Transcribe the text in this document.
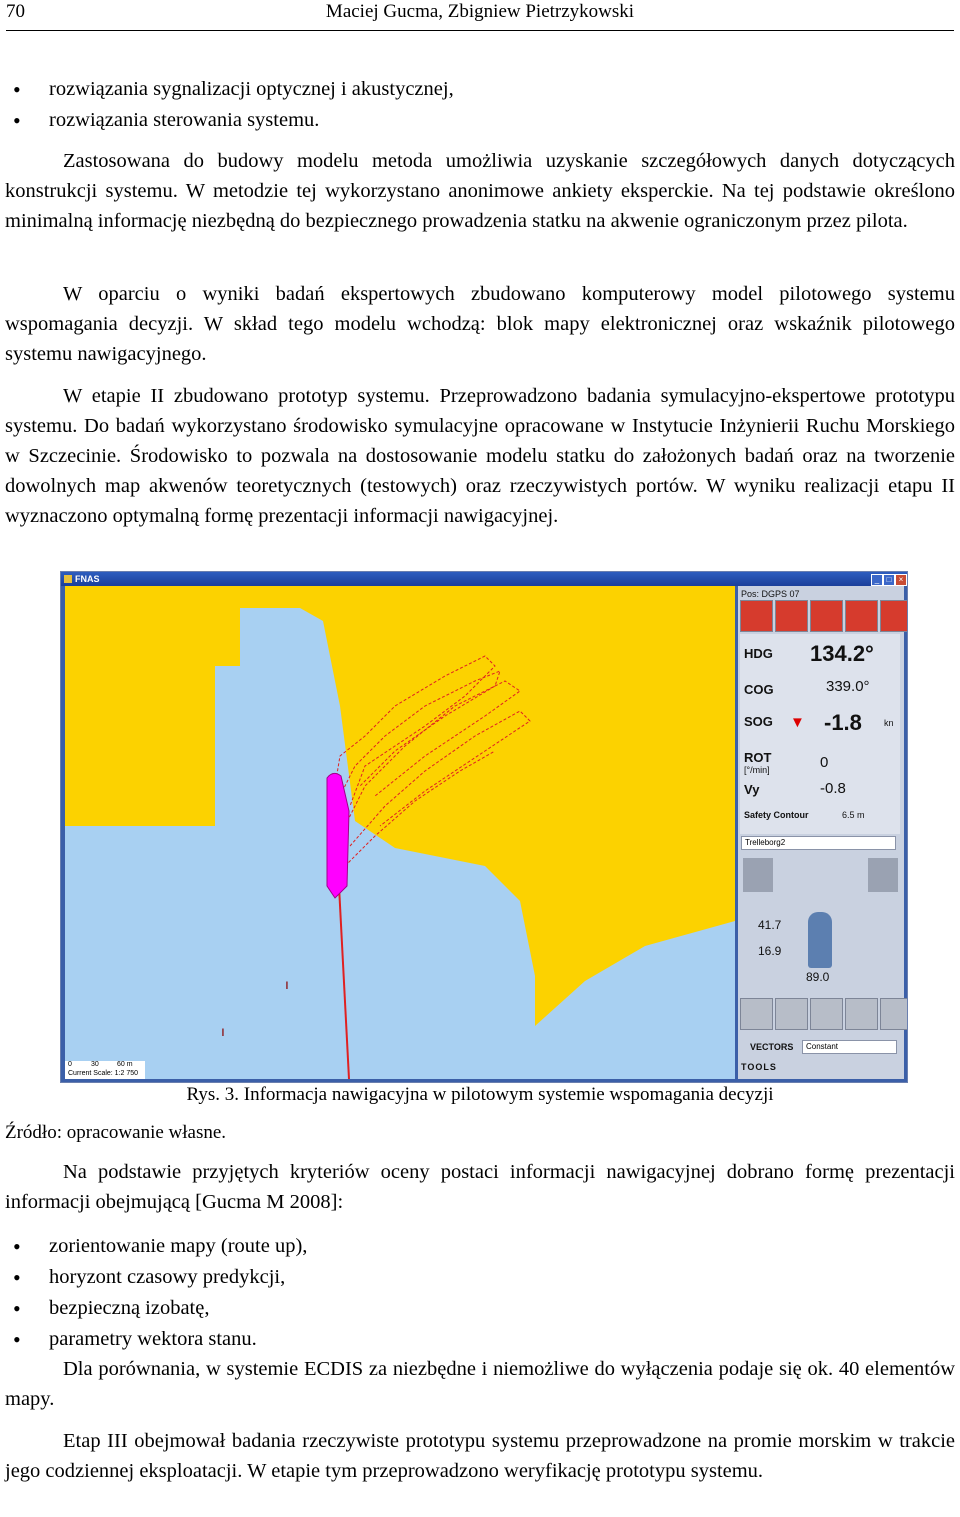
70	Maciej Gucma, Zbigniew Pietrzykowski
• rozwiązania sygnalizacji optycznej i akustycznej,
• rozwiązania sterowania systemu.

Zastosowana do budowy modelu metoda umożliwia uzyskanie szczegółowych danych dotyczących konstrukcji systemu. W metodzie tej wykorzystano anonimowe ankiety eksperckie. Na tej podstawie określono minimalną informację niezbędną do bezpiecznego prowadzenia statku na akwenie ograniczonym przez pilota.

W oparciu o wyniki badań ekspertowych zbudowano komputerowy model pilotowego systemu wspomagania decyzji. W skład tego modelu wchodzą: blok mapy elektronicznej oraz wskaźnik pilotowego systemu nawigacyjnego.

W etapie II zbudowano prototyp systemu. Przeprowadzono badania symulacyjno-ekspertowe prototypu systemu. Do badań wykorzystano środowisko symulacyjne opracowane w Instytucie Inżynierii Ruchu Morskiego w Szczecinie. Środowisko to pozwala na dostosowanie modelu statku do założonych badań oraz na tworzenie dowolnych map akwenów teoretycznych (testowych) oraz rzeczywistych portów. W wyniku realizacji etapu II wyznaczono optymalną formę prezentacji informacji nawigacyjnej.

FNAS	_ □ ×
ı
ı
0	30	60 m
Current Scale: 1:2 750
Pos: DGPS 07
HDG 134.2°
COG	339.0°
SOG ▼ -1.8 kn
ROT
[°/min]	0
Vy	-0.8
Safety Contour	6.5 m
Trelleborg2
41.7
16.9
89.0
VECTORS	Constant
TOOLS
Rys. 3. Informacja nawigacyjna w pilotowym systemie wspomagania decyzji
Źródło: opracowanie własne.

Na podstawie przyjętych kryteriów oceny postaci informacji nawigacyjnej dobrano formę prezentacji informacji obejmującą [Gucma M 2008]:

• zorientowanie mapy (route up),
• horyzont czasowy predykcji,
• bezpieczną izobatę,
• parametry wektora stanu.

Dla porównania, w systemie ECDIS za niezbędne i niemożliwe do wyłączenia podaje się ok. 40 elementów mapy.

Etap III obejmował badania rzeczywiste prototypu systemu przeprowadzone na promie morskim w trakcie jego codziennej eksploatacji. W etapie tym przeprowadzono weryfikację prototypu systemu.
